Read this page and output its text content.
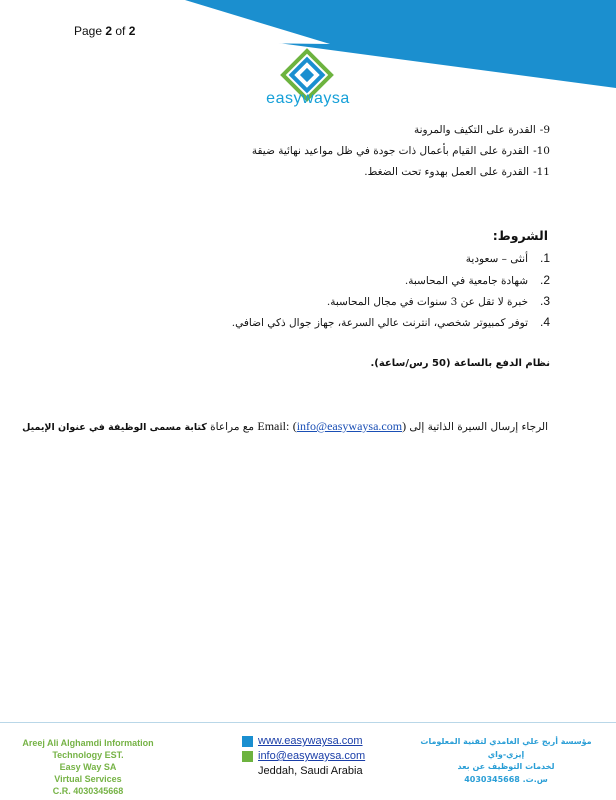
Page 2 of 2
easywaysa
9-القدرة على التكيف والمرونة
10-القدرة على القيام بأعمال ذات جودة في ظل مواعيد نهائية ضيقة
11-القدرة على العمل بهدوء تحت الضغط.
الشروط:
1.أنثى – سعودية
2.شهادة جامعية في المحاسبة.
3.خبرة لا تقل عن 3 سنوات في مجال المحاسبة.
4.توفر كمبيوتر شخصي، انترنت عالي السرعة، جهاز جوال ذكي اضافي.
نظام الدفع بالساعة (50 رس/ساعة).
الرجاء إرسال السيرة الذاتية إلى Email: (info@easywaysa.com) مع مراعاة كتابة مسمى الوظيفة في عنوان الإيميل
Areej Ali Alghamdi Information Technology EST.
Easy Way SA
Virtual Services
C.R. 4030345668
www.easywaysa.com
info@easywaysa.com
Jeddah, Saudi Arabia
مؤسسة أريج علي الغامدي لتقنية المعلومات
إيزي-واي
لخدمات التوظيف عن بعد
س.ت. 4030345668
